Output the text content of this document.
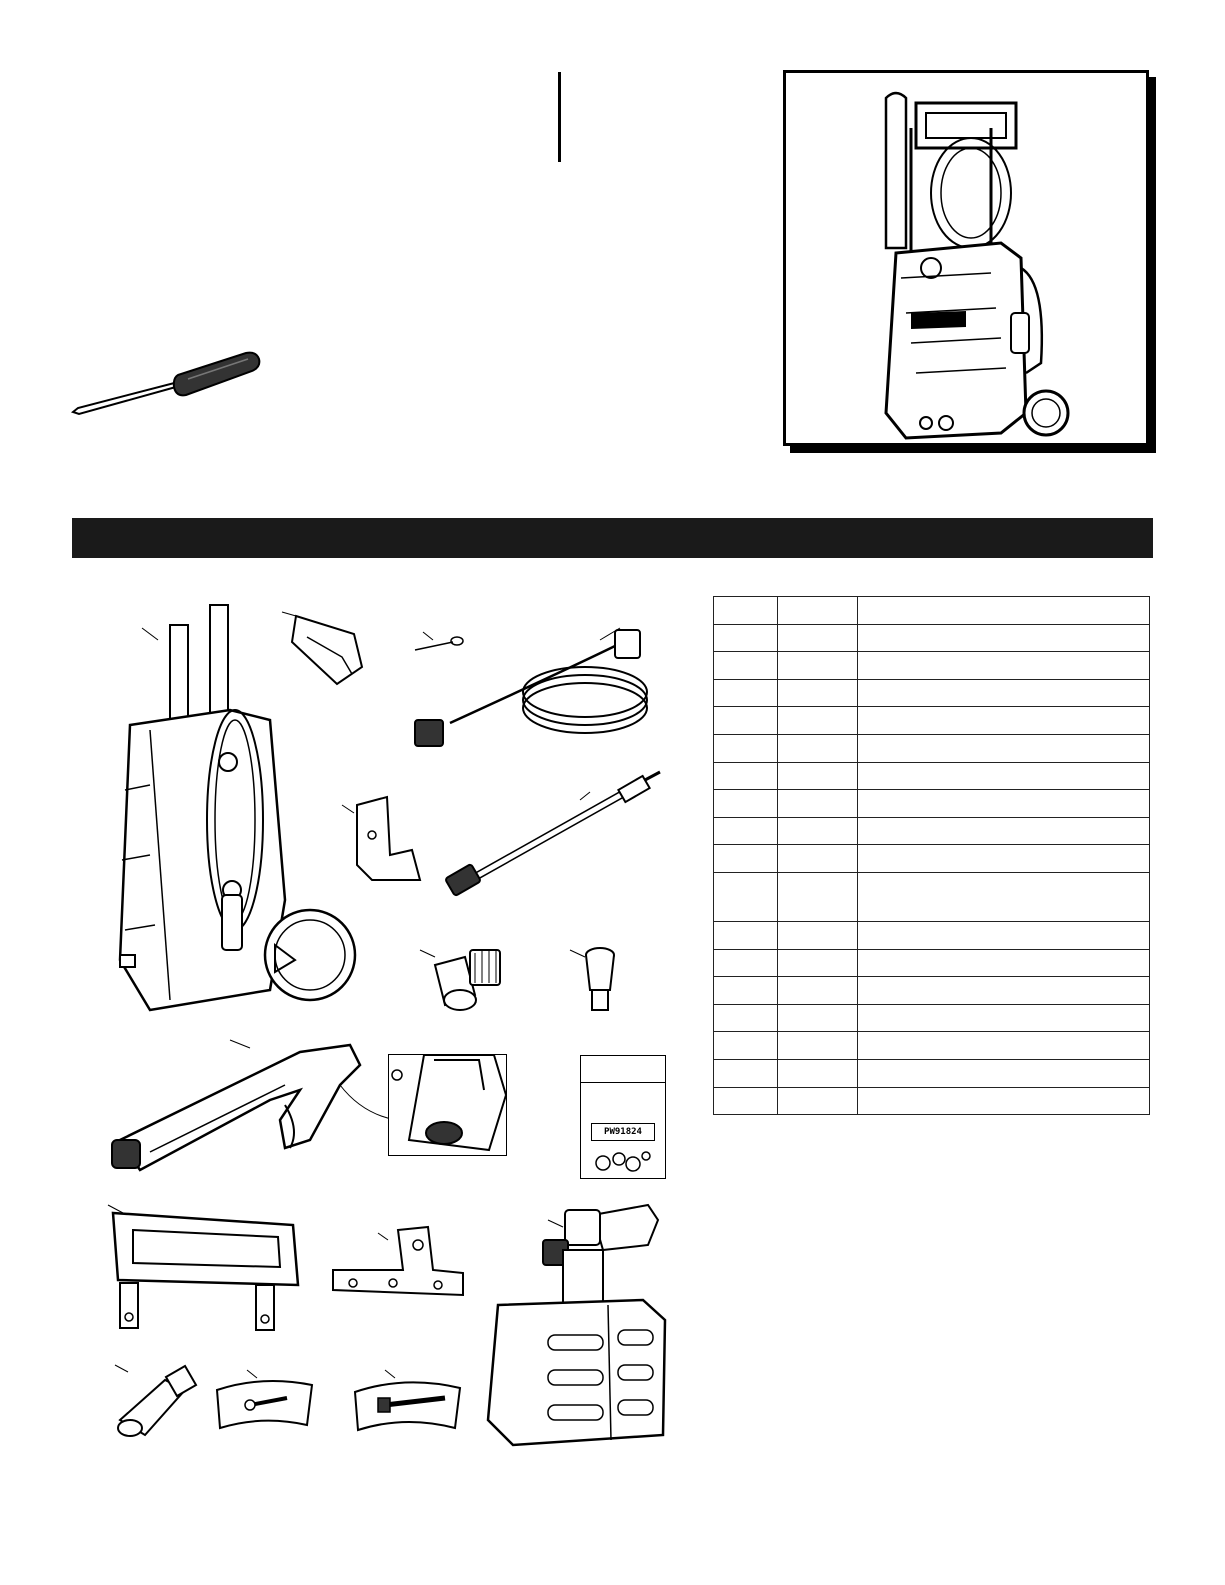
PW91824
